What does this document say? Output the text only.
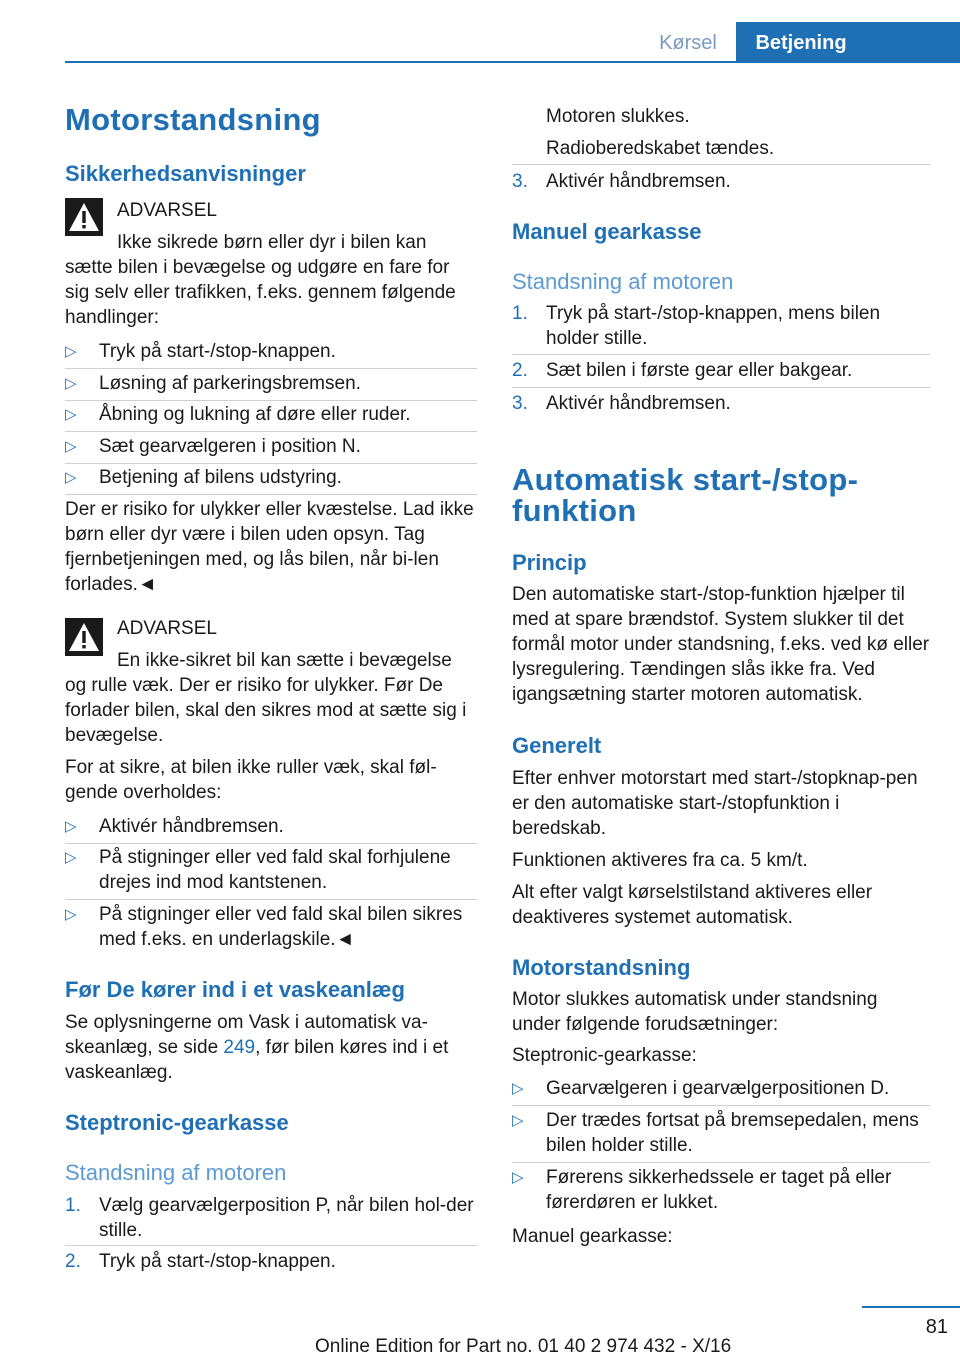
Kørsel	Betjening
Motorstandsning
Sikkerhedsanvisninger
ADVARSEL
Ikke sikrede børn eller dyr i bilen kan
sætte bilen i bevægelse og udgøre en fare for sig selv eller trafikken, f.eks. gennem følgende handlinger:
▷ Tryk på start-/stop-knappen.
▷ Løsning af parkeringsbremsen.
▷ Åbning og lukning af døre eller ruder.
▷ Sæt gearvælgeren i position N.
▷ Betjening af bilens udstyring.
Der er risiko for ulykker eller kvæstelse. Lad ikke børn eller dyr være i bilen uden opsyn. Tag fjernbetjeningen med, og lås bilen, når bi-len forlades.◄
ADVARSEL
En ikke-sikret bil kan sætte i bevægelse
og rulle væk. Der er risiko for ulykker. Før De forlader bilen, skal den sikres mod at sætte sig i bevægelse.
For at sikre, at bilen ikke ruller væk, skal føl-gende overholdes:
▷ Aktivér håndbremsen.
▷ På stigninger eller ved fald skal forhjulene drejes ind mod kantstenen.
▷ På stigninger eller ved fald skal bilen sikres med f.eks. en underlagskile.◄
Før De kører ind i et vaskeanlæg
Se oplysningerne om Vask i automatisk va-skeanlæg, se side 249, før bilen køres ind i et vaskeanlæg.
Steptronic-gearkasse
Standsning af motoren
1. Vælg gearvælgerposition P, når bilen hol-der stille.
2. Tryk på start-/stop-knappen.
Motoren slukkes.
Radioberedskabet tændes.
3. Aktivér håndbremsen.
Manuel gearkasse
Standsning af motoren
1. Tryk på start-/stop-knappen, mens bilen holder stille.
2. Sæt bilen i første gear eller bakgear.
3. Aktivér håndbremsen.
Automatisk start-/stop-
funktion
Princip
Den automatiske start-/stop-funktion hjælper til med at spare brændstof. System slukker til det formål motor under standsning, f.eks. ved kø eller lysregulering. Tændingen slås ikke fra. Ved igangsætning starter motoren automatisk.
Generelt
Efter enhver motorstart med start-/stopknap-pen er den automatiske start-/stopfunktion i beredskab.
Funktionen aktiveres fra ca. 5 km/t.
Alt efter valgt kørselstilstand aktiveres eller deaktiveres systemet automatisk.
Motorstandsning
Motor slukkes automatisk under standsning under følgende forudsætninger:
Steptronic-gearkasse:
▷ Gearvælgeren i gearvælgerpositionen D.
▷ Der trædes fortsat på bremsepedalen, mens bilen holder stille.
▷ Førerens sikkerhedssele er taget på eller førerdøren er lukket.
Manuel gearkasse:
81
Online Edition for Part no. 01 40 2 974 432 - X/16
